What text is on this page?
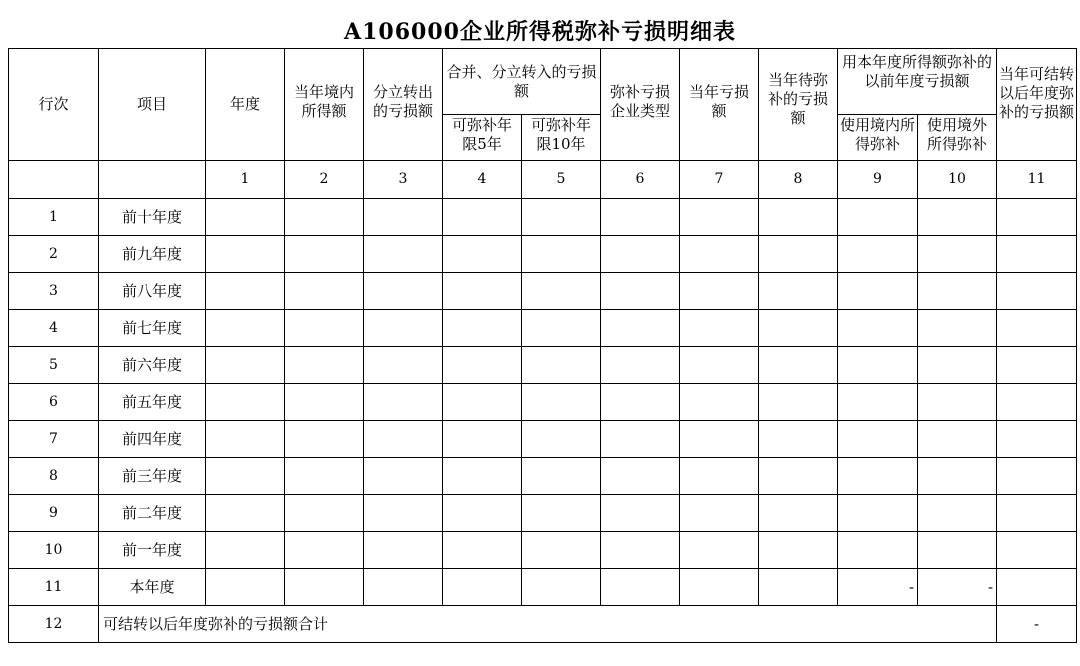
A106000企业所得税弥补亏损明细表
行次	项目	年度	当年境内所得额	分立转出的亏损额	合并、分立转入的亏损额		弥补亏损企业类型	当年亏损额	当年待弥补的亏损额	用本年度所得额弥补的以前年度亏损额		当年可结转以后年度弥补的亏损额
					可弥补年限5年	可弥补年限10年				使用境内所得弥补	使用境外所得弥补	
		1	2	3	4	5	6	7	8	9	10	11
1	前十年度											
2	前九年度											
3	前八年度											
4	前七年度											
5	前六年度											
6	前五年度											
7	前四年度											
8	前三年度											
9	前二年度											
10	前一年度											
11	本年度									-	-	
12	可结转以后年度弥补的亏损额合计											-
